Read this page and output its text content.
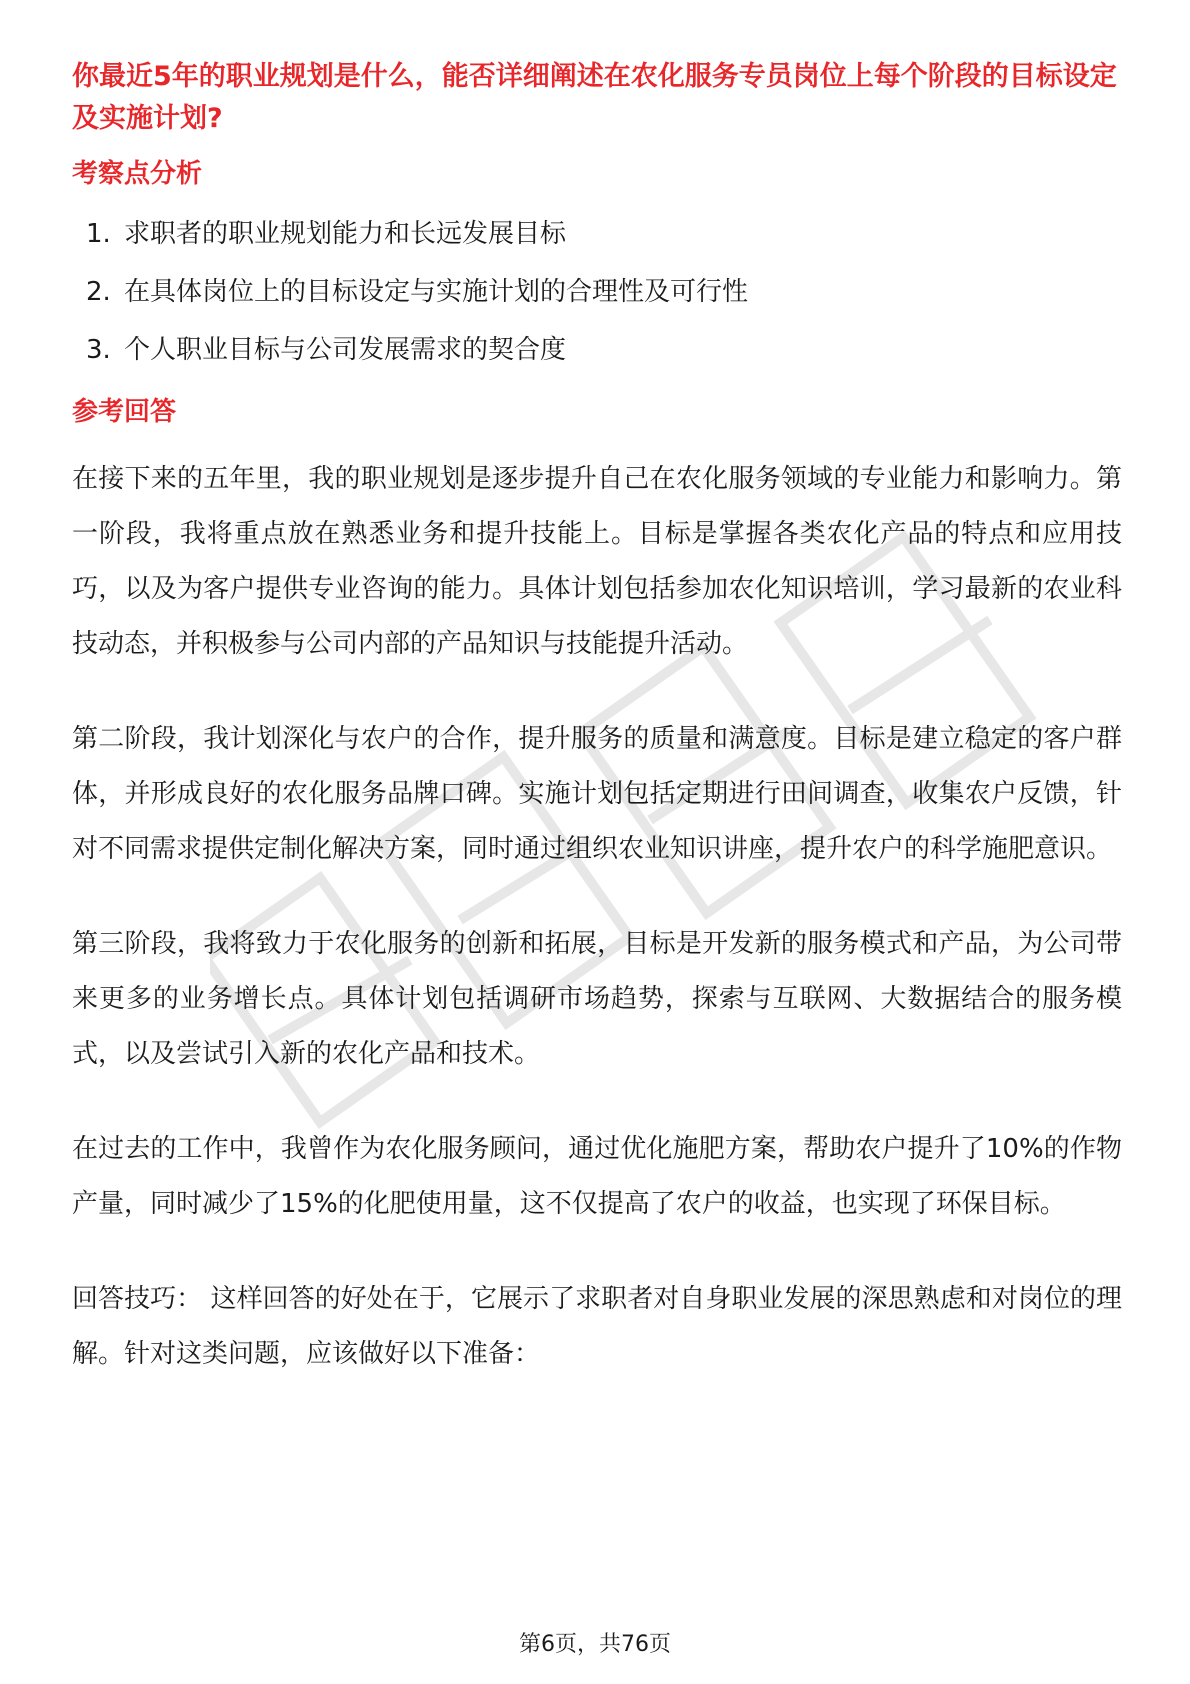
你最近5年的职业规划是什么，能否详细阐述在农化服务专员岗位上每个阶段的目标设定及实施计划?
考察点分析
1. 求职者的职业规划能力和长远发展目标
2. 在具体岗位上的目标设定与实施计划的合理性及可行性
3. 个人职业目标与公司发展需求的契合度
参考回答

在接下来的五年里，我的职业规划是逐步提升自己在农化服务领域的专业能力和影响力。第一阶段，我将重点放在熟悉业务和提升技能上。目标是掌握各类农化产品的特点和应用技巧，以及为客户提供专业咨询的能力。具体计划包括参加农化知识培训，学习最新的农业科技动态，并积极参与公司内部的产品知识与技能提升活动。

第二阶段，我计划深化与农户的合作，提升服务的质量和满意度。目标是建立稳定的客户群体，并形成良好的农化服务品牌口碑。实施计划包括定期进行田间调查，收集农户反馈，针对不同需求提供定制化解决方案，同时通过组织农业知识讲座，提升农户的科学施肥意识。

第三阶段，我将致力于农化服务的创新和拓展，目标是开发新的服务模式和产品，为公司带来更多的业务增长点。具体计划包括调研市场趋势，探索与互联网、大数据结合的服务模式，以及尝试引入新的农化产品和技术。

在过去的工作中，我曾作为农化服务顾问，通过优化施肥方案，帮助农户提升了10%的作物产量，同时减少了15%的化肥使用量，这不仅提高了农户的收益，也实现了环保目标。

回答技巧： 这样回答的好处在于，它展示了求职者对自身职业发展的深思熟虑和对岗位的理解。针对这类问题，应该做好以下准备：

第6页，共76页
